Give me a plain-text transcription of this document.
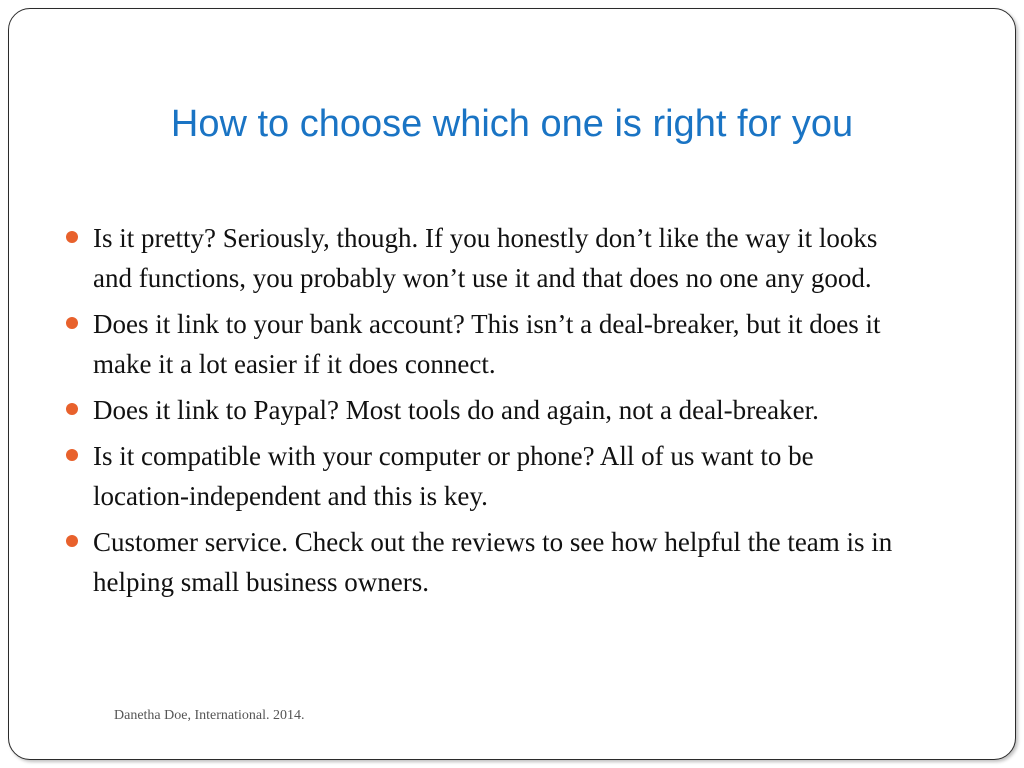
How to choose which one is right for you
Is it pretty? Seriously, though. If you honestly don’t like the way it looks and functions, you probably won’t use it and that does no one any good.
Does it link to your bank account? This isn’t a deal-breaker, but it does it make it a lot easier if it does connect.
Does it link to Paypal? Most tools do and again, not a deal-breaker.
Is it compatible with your computer or phone? All of us want to be location-independent and this is key.
Customer service. Check out the reviews to see how helpful the team is in helping small business owners.
Danetha Doe, International. 2014.
